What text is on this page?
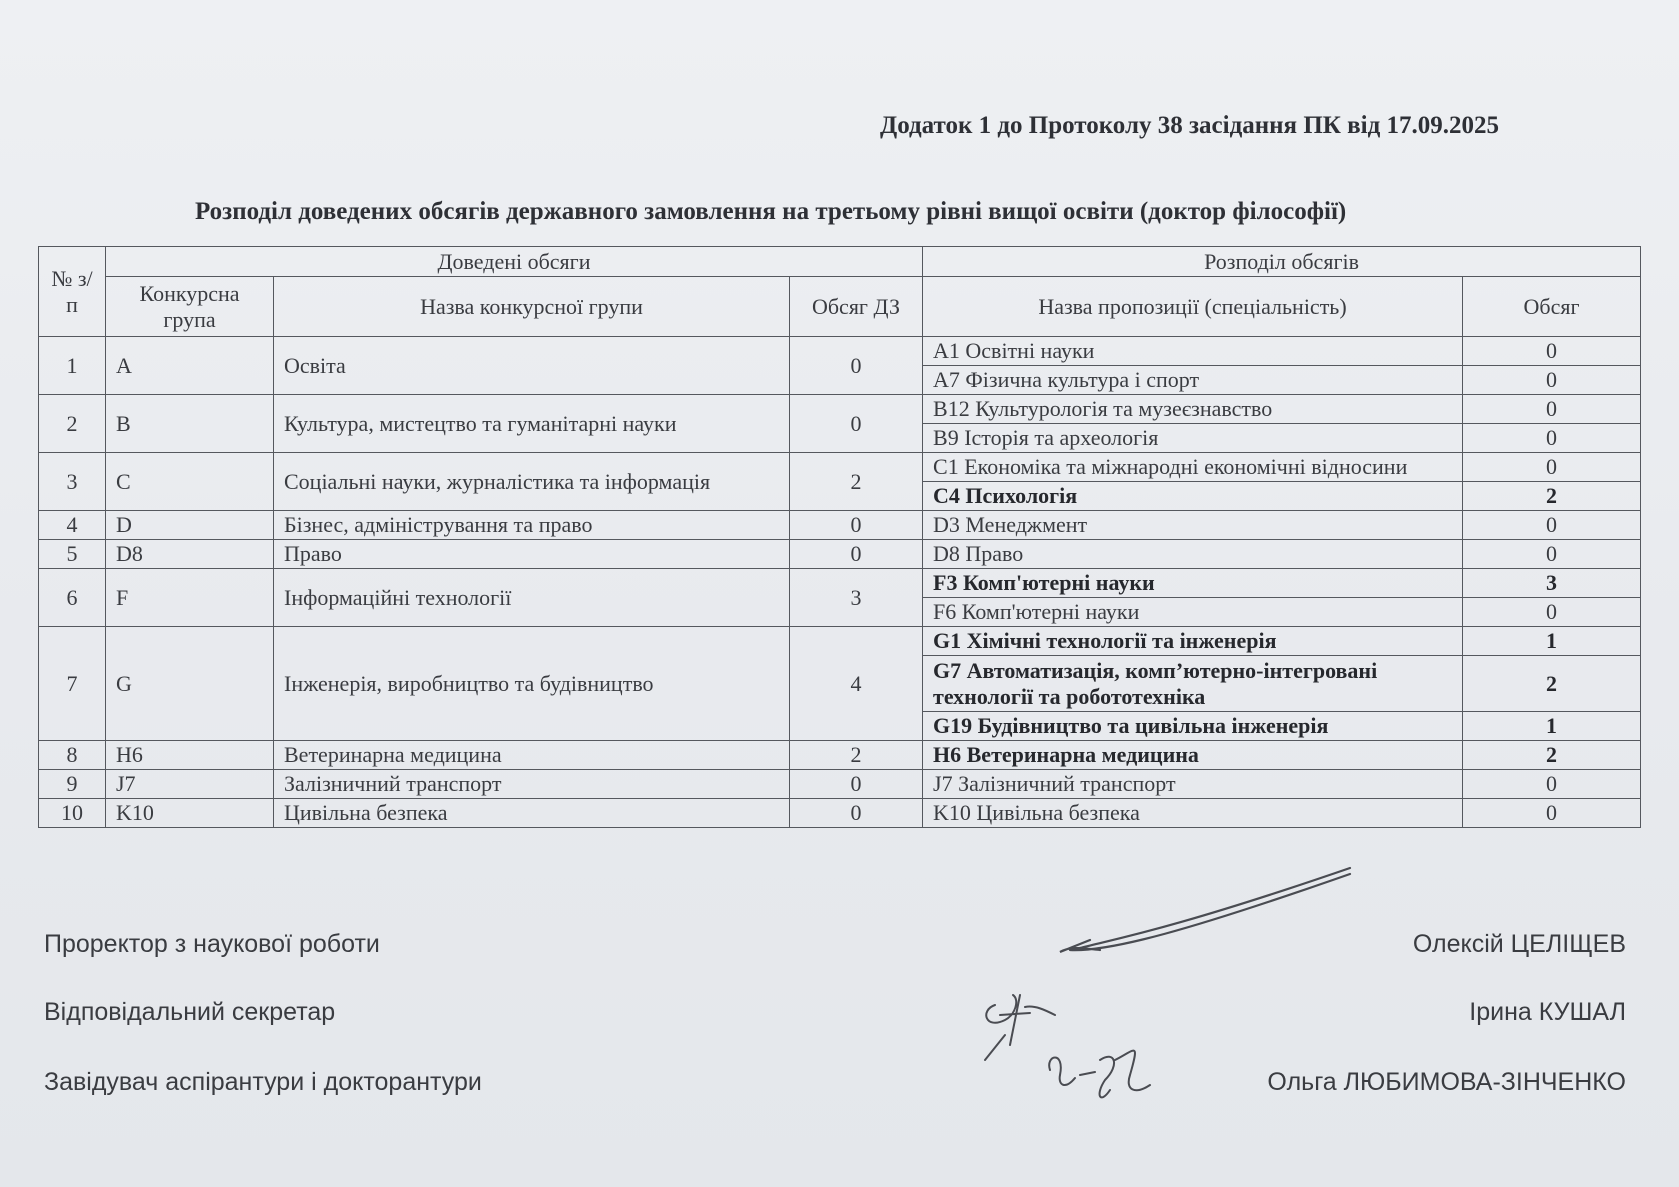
Додаток 1 до Протоколу 38 засідання ПК від 17.09.2025
Розподіл доведених обсягів державного замовлення на третьому рівні вищої освіти (доктор філософії)
№ з/п	Доведені обсяги			Розподіл обсягів	
	Конкурсна група	Назва конкурсної групи	Обсяг ДЗ	Назва пропозиції (спеціальність)	Обсяг
1	A	Освіта	0	A1 Освітні науки	0
				A7 Фізична культура і спорт	0
2	B	Культура, мистецтво та гуманітарні науки	0	B12 Культурологія та музеєзнавство	0
				B9 Історія та археологія	0
3	C	Соціальні науки, журналістика та інформація	2	C1 Економіка та міжнародні економічні відносини	0
				C4 Психологія	2
4	D	Бізнес, адміністрування та право	0	D3 Менеджмент	0
5	D8	Право	0	D8 Право	0
6	F	Інформаційні технології	3	F3 Комп'ютерні науки	3
				F6 Комп'ютерні науки	0
7	G	Інженерія, виробництво та будівництво	4	G1 Хімічні технології та інженерія	1
				G7 Автоматизація, комп’ютерно-інтегровані технології та робототехніка	2
				G19 Будівництво та цивільна інженерія	1
8	H6	Ветеринарна медицина	2	H6 Ветеринарна медицина	2
9	J7	Залізничний транспорт	0	J7 Залізничний транспорт	0
10	K10	Цивільна безпека	0	K10 Цивільна безпека	0
Проректор з наукової роботи	Олексій ЦЕЛІЩЕВ
Відповідальний секретар	Ірина КУШАЛ
Завідувач аспірантури і докторантури	Ольга ЛЮБИМОВА-ЗІНЧЕНКО
